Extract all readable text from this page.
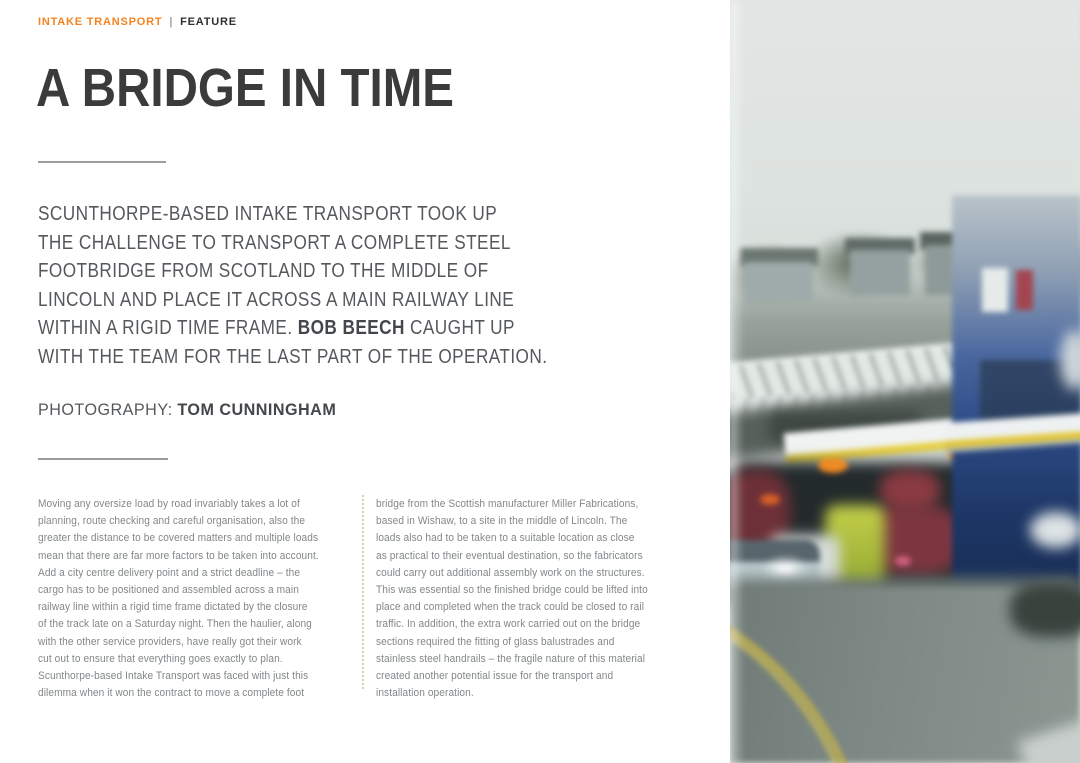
INTAKE TRANSPORT | FEATURE
A BRIDGE IN TIME
SCUNTHORPE-BASED INTAKE TRANSPORT TOOK UP
THE CHALLENGE TO TRANSPORT A COMPLETE STEEL
FOOTBRIDGE FROM SCOTLAND TO THE MIDDLE OF
LINCOLN AND PLACE IT ACROSS A MAIN RAILWAY LINE
WITHIN A RIGID TIME FRAME. BOB BEECH CAUGHT UP
WITH THE TEAM FOR THE LAST PART OF THE OPERATION.
PHOTOGRAPHY: TOM CUNNINGHAM
Moving any oversize load by road invariably takes a lot of
planning, route checking and careful organisation, also the
greater the distance to be covered matters and multiple loads
mean that there are far more factors to be taken into account.
Add a city centre delivery point and a strict deadline – the
cargo has to be positioned and assembled across a main
railway line within a rigid time frame dictated by the closure
of the track late on a Saturday night. Then the haulier, along
with the other service providers, have really got their work
cut out to ensure that everything goes exactly to plan.
Scunthorpe-based Intake Transport was faced with just this
dilemma when it won the contract to move a complete foot
bridge from the Scottish manufacturer Miller Fabrications,
based in Wishaw, to a site in the middle of Lincoln. The
loads also had to be taken to a suitable location as close
as practical to their eventual destination, so the fabricators
could carry out additional assembly work on the structures.
This was essential so the finished bridge could be lifted into
place and completed when the track could be closed to rail
traffic. In addition, the extra work carried out on the bridge
sections required the fitting of glass balustrades and
stainless steel handrails – the fragile nature of this material
created another potential issue for the transport and
installation operation.
